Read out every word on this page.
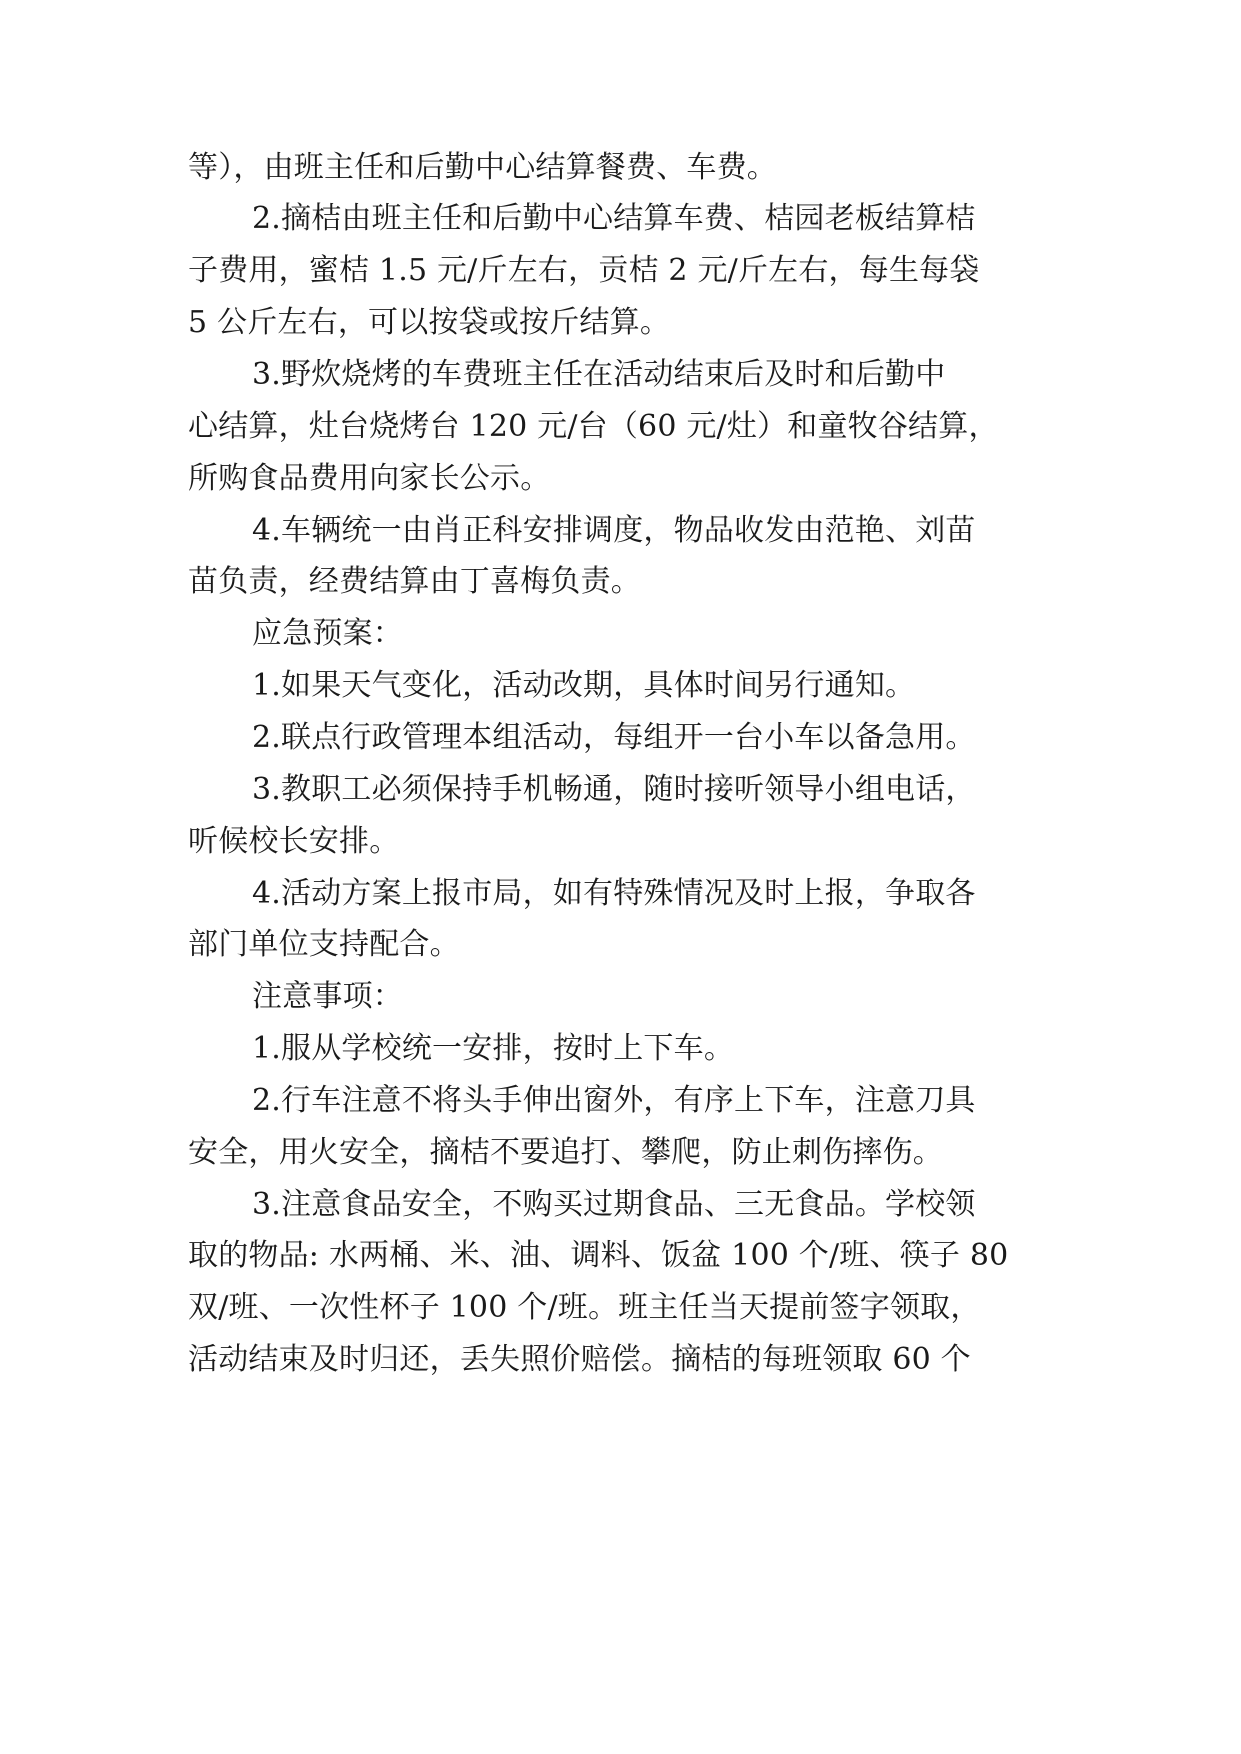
等），由班主任和后勤中心结算餐费、车费。
2.摘桔由班主任和后勤中心结算车费、桔园老板结算桔
子费用，蜜桔 1.5 元/斤左右，贡桔 2 元/斤左右，每生每袋
5 公斤左右，可以按袋或按斤结算。
3.野炊烧烤的车费班主任在活动结束后及时和后勤中
心结算，灶台烧烤台 120 元/台（60 元/灶）和童牧谷结算，
所购食品费用向家长公示。
4.车辆统一由肖正科安排调度，物品收发由范艳、刘苗
苗负责，经费结算由丁喜梅负责。
应急预案：
1.如果天气变化，活动改期，具体时间另行通知。
2.联点行政管理本组活动，每组开一台小车以备急用。
3.教职工必须保持手机畅通，随时接听领导小组电话，
听候校长安排。
4.活动方案上报市局，如有特殊情况及时上报，争取各
部门单位支持配合。
注意事项：
1.服从学校统一安排，按时上下车。
2.行车注意不将头手伸出窗外，有序上下车，注意刀具
安全，用火安全，摘桔不要追打、攀爬，防止刺伤摔伤。
3.注意食品安全，不购买过期食品、三无食品。学校领
取的物品: 水两桶、米、油、调料、饭盆 100 个/班、筷子 80
双/班、一次性杯子 100 个/班。班主任当天提前签字领取，
活动结束及时归还，丢失照价赔偿。摘桔的每班领取 60 个
